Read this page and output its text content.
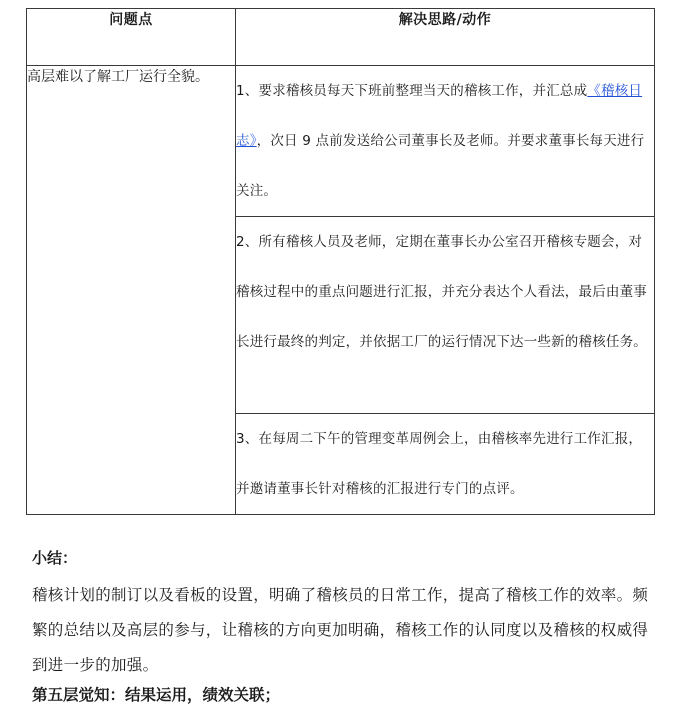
问题点	解决思路/动作

高层难以了解工厂运行全貌。	1、要求稽核员每天下班前整理当天的稽核工作，并汇总成《稽核日志》，次日 9 点前发送给公司董事长及老师。并要求董事长每天进行关注。
	2、所有稽核人员及老师，定期在董事长办公室召开稽核专题会，对稽核过程中的重点问题进行汇报，并充分表达个人看法，最后由董事长进行最终的判定，并依据工厂的运行情况下达一些新的稽核任务。
	3、在每周二下午的管理变革周例会上，由稽核率先进行工作汇报，并邀请董事长针对稽核的汇报进行专门的点评。
小结：
稽核计划的制订以及看板的设置，明确了稽核员的日常工作，提高了稽核工作的效率。频繁的总结以及高层的参与，让稽核的方向更加明确，稽核工作的认同度以及稽核的权威得到进一步的加强。
第五层觉知：结果运用，绩效关联；
